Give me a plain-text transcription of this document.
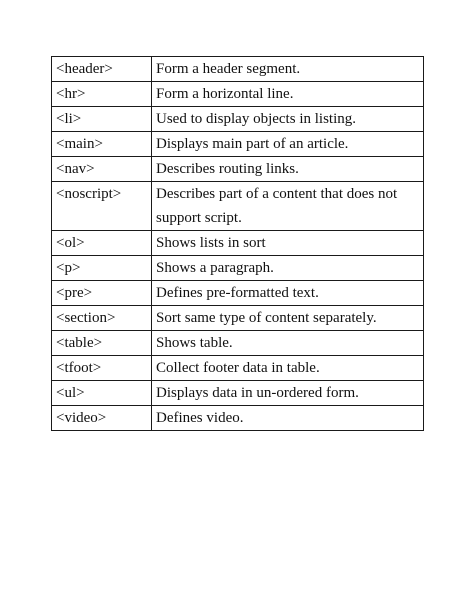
<header>	Form a header segment.
<hr>	Form a horizontal line.
<li>	Used to display objects in listing.
<main>	Displays main part of an article.
<nav>	Describes routing links.
<noscript>	Describes part of a content that does not support script.
<ol>	Shows lists in sort
<p>	Shows a paragraph.
<pre>	Defines pre-formatted text.
<section>	Sort same type of content separately.
<table>	Shows table.
<tfoot>	Collect footer data in table.
<ul>	Displays data in un-ordered form.
<video>	Defines video.
